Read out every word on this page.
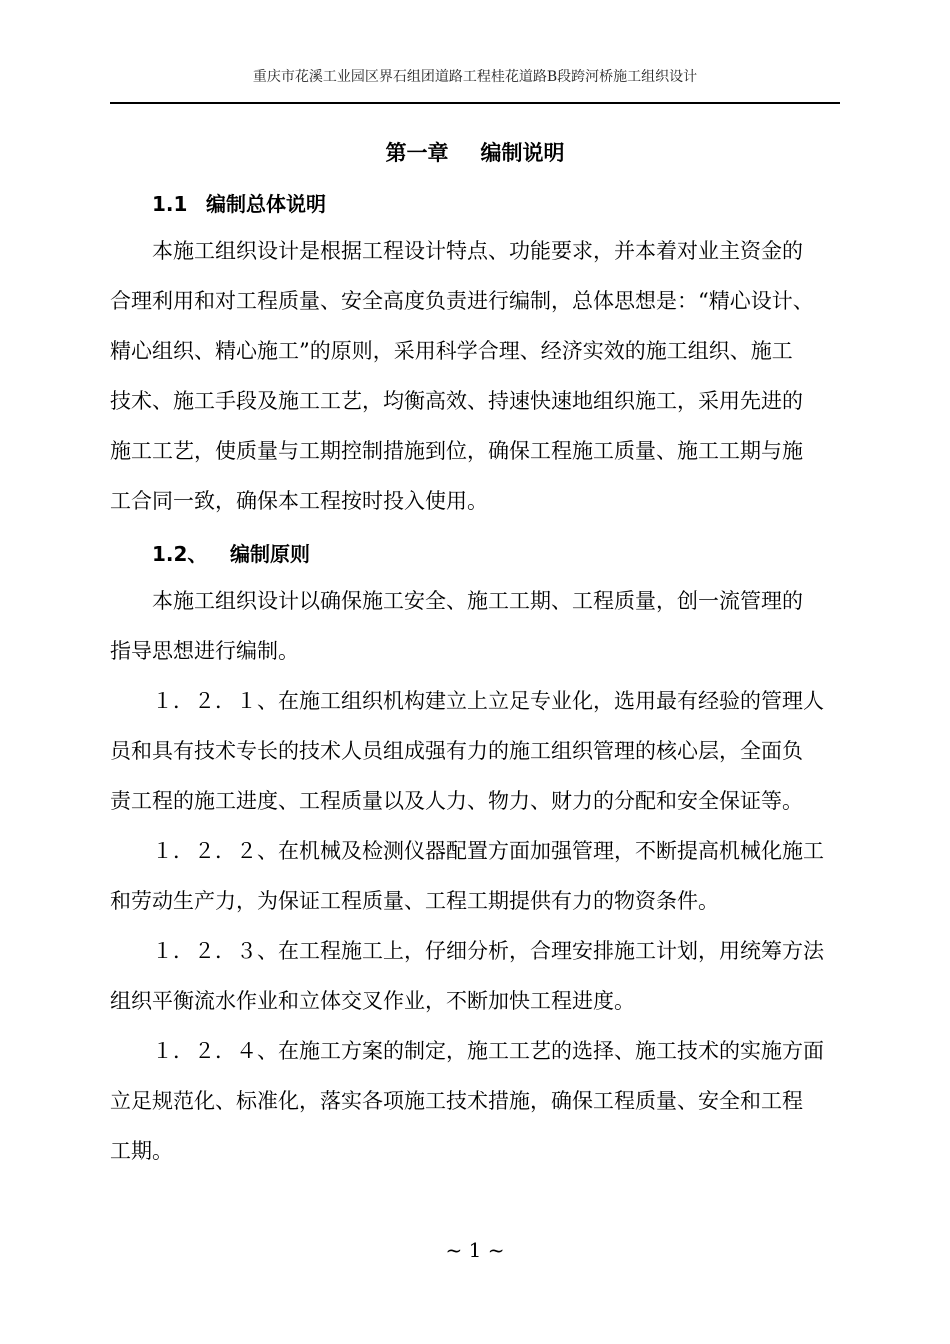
重庆市花溪工业园区界石组团道路工程桂花道路B段跨河桥施工组织设计
第一章 编制说明
1.1 编制总体说明
本施工组织设计是根据工程设计特点、功能要求，并本着对业主资金的
合理利用和对工程质量、安全高度负责进行编制，总体思想是：“精心设计、
精心组织、精心施工”的原则，采用科学合理、经济实效的施工组织、施工
技术、施工手段及施工工艺，均衡高效、持速快速地组织施工，采用先进的
施工工艺，使质量与工期控制措施到位，确保工程施工质量、施工工期与施
工合同一致，确保本工程按时投入使用。
1.2、 编制原则
本施工组织设计以确保施工安全、施工工期、工程质量，创一流管理的
指导思想进行编制。
１．２．１、在施工组织机构建立上立足专业化，选用最有经验的管理人
员和具有技术专长的技术人员组成强有力的施工组织管理的核心层，全面负
责工程的施工进度、工程质量以及人力、物力、财力的分配和安全保证等。
１．２．２、在机械及检测仪器配置方面加强管理，不断提高机械化施工
和劳动生产力，为保证工程质量、工程工期提供有力的物资条件。
１．２．３、在工程施工上，仔细分析，合理安排施工计划，用统筹方法
组织平衡流水作业和立体交叉作业，不断加快工程进度。
１．２．４、在施工方案的制定，施工工艺的选择、施工技术的实施方面
立足规范化、标准化，落实各项施工技术措施，确保工程质量、安全和工程
工期。
~ 1 ~
